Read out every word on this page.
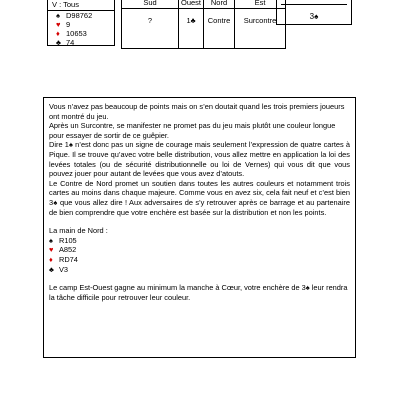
V : Tous
♠ D98762
♥ 9
♦ 10653
♣ 74
Sud	Ouest	Nord	Est
?	1♣	Contre	Surcontre	3♠

Vous n’avez pas beaucoup de points mais on s’en doutait quand les trois premiers joueurs ont montré du jeu.

Après un Surcontre, se manifester ne promet pas du jeu mais plutôt une couleur longue pour essayer de sortir de ce guêpier.

Dire 1♠ n’est donc pas un signe de courage mais seulement l’expression de quatre cartes à Pique. Il se trouve qu’avec votre belle distribution, vous allez mettre en application la loi des levées totales (ou de sécurité distributionnelle ou loi de Vernes) qui vous dit que vous pouvez jouer pour autant de levées que vous avez d’atouts.

Le Contre de Nord promet un soutien dans toutes les autres couleurs et notamment trois cartes au moins dans chaque majeure. Comme vous en avez six, cela fait neuf et c’est bien 3♠ que vous allez dire ! Aux adversaires de s’y retrouver après ce barrage et au partenaire de bien comprendre que votre enchère est basée sur la distribution et non les points.

La main de Nord :

♠ R105

♥ A852

♦ RD74

♣ V3

Le camp Est-Ouest gagne au minimum la manche à Cœur, votre enchère de 3♠ leur rendra la tâche difficile pour retrouver leur couleur.
